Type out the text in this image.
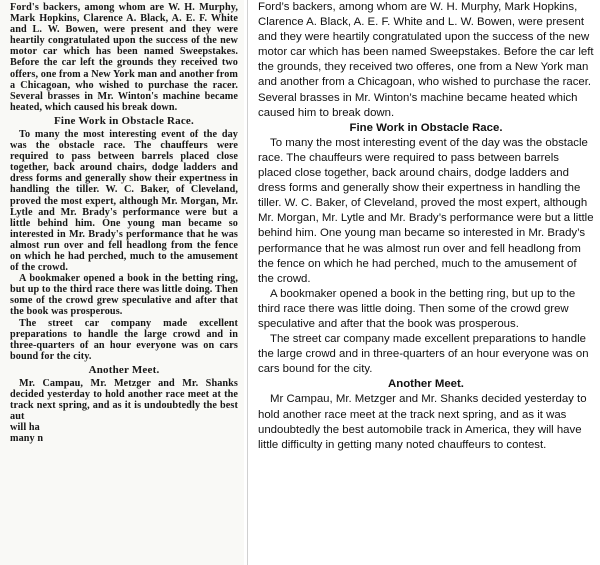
Ford's backers, among whom are W. H. Murphy, Mark Hopkins, Clarence A. Black, A. E. F. White and L. W. Bowen, were present and they were heartily congratulated upon the success of the new motor car which has been named Sweepstakes. Before the car left the grounds they received two offers, one from a New York man and another from a Chicagoan, who wished to purchase the racer. Several brasses in Mr. Winton's machine became heated, which caused his break down.

Fine Work in Obstacle Race.

To many the most interesting event of the day was the obstacle race. The chauffeurs were required to pass between barrels placed close together, back around chairs, dodge ladders and dress forms and generally show their expertness in handling the tiller. W. C. Baker, of Cleveland, proved the most expert, although Mr. Morgan, Mr. Lytle and Mr. Brady's performance were but a little behind him. One young man became so interested in Mr. Brady's performance that he was almost run over and fell headlong from the fence on which he had perched, much to the amusement of the crowd.

A bookmaker opened a book in the betting ring, but up to the third race there was little doing. Then some of the crowd grew speculative and after that the book was prosperous.

The street car company made excellent preparations to handle the large crowd and in three-quarters of an hour everyone was on cars bound for the city.

Another Meet.

Mr. Campau, Mr. Metzger and Mr. Shanks decided yesterday to hold another race meet at the track next spring, and as it is undoubtedly the best aut

will ha

many n

Ford’s backers, among whom are W. H. Murphy, Mark Hopkins, Clarence A. Black, A. E. F. White and L. W. Bowen, were present and they were heartily congratulated upon the success of the new motor car which has been named Sweepstakes. Before the car left the grounds, they received two offeres, one from a New York man and another from a Chicagoan, who wished to purchase the racer. Several brasses in Mr. Winton’s machine became heated which caused him to break down.

Fine Work in Obstacle Race.

To many the most interesting event of the day was the obstacle race. The chauffeurs were required to pass between barrels placed close together, back around chairs, dodge ladders and dress forms and generally show their expertness in handling the tiller. W. C. Baker, of Cleveland, proved the most expert, although Mr. Morgan, Mr. Lytle and Mr. Brady’s performance were but a little behind him. One young man became so interested in Mr. Brady’s performance that he was almost run over and fell headlong from the fence on which he had perched, much to the amusement of the crowd.

A bookmaker opened a book in the betting ring, but up to the third race there was little doing. Then some of the crowd grew speculative and after that the book was prosperous.

The street car company made excellent preparations to handle the large crowd and in three-quarters of an hour everyone was on cars bound for the city.

Another Meet.

Mr Campau, Mr. Metzger and Mr. Shanks decided yesterday to hold another race meet at the track next spring, and as it was undoubtedly the best automobile track in America, they will have little difficulty in getting many noted chauffeurs to contest.
